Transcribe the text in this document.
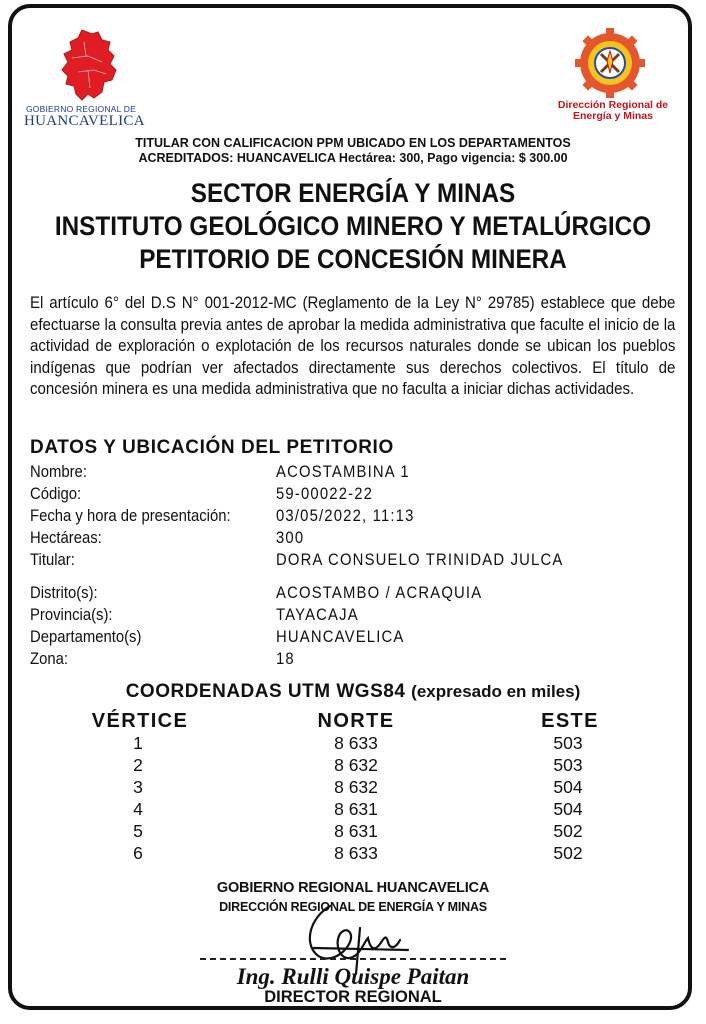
GOBIERNO REGIONAL DE
HUANCAVELICA
Dirección Regional de
Energía y Minas
TITULAR CON CALIFICACION PPM UBICADO EN LOS DEPARTAMENTOS
ACREDITADOS: HUANCAVELICA Hectárea: 300, Pago vigencia: $ 300.00
SECTOR ENERGÍA Y MINAS
INSTITUTO GEOLÓGICO MINERO Y METALÚRGICO
PETITORIO DE CONCESIÓN MINERA
El artículo 6° del D.S N° 001-2012-MC (Reglamento de la Ley N° 29785) establece que debe efectuarse la consulta previa antes de aprobar la medida administrativa que faculte el inicio de la actividad de exploración o explotación de los recursos naturales donde se ubican los pueblos indígenas que podrían ver afectados directamente sus derechos colectivos. El título de concesión minera es una medida administrativa que no faculta a iniciar dichas actividades.
DATOS Y UBICACIÓN DEL PETITORIO
Nombre:	ACOSTAMBINA 1
Código:	59-00022-22
Fecha y hora de presentación:	03/05/2022, 11:13
Hectáreas:	300
Titular:	DORA CONSUELO TRINIDAD JULCA
Distrito(s):	ACOSTAMBO / ACRAQUIA
Provincia(s):	TAYACAJA
Departamento(s)	HUANCAVELICA
Zona:	18
COORDENADAS UTM WGS84 (expresado en miles)
VÉRTICE	NORTE	ESTE
1	8 633	503
2	8 632	503
3	8 632	504
4	8 631	504
5	8 631	502
6	8 633	502
GOBIERNO REGIONAL HUANCAVELICA
DIRECCIÓN REGIONAL DE ENERGÍA Y MINAS
Ing. Rulli Quispe Paitan
DIRECTOR REGIONAL
